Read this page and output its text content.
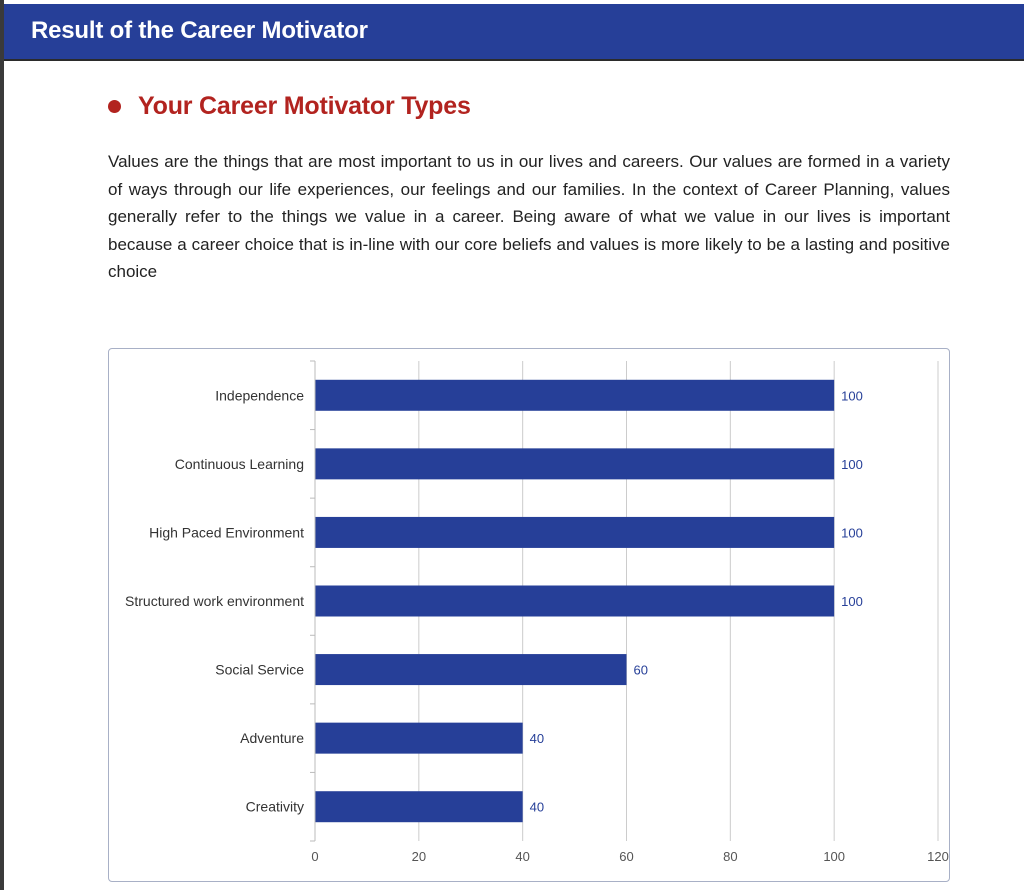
Result of the Career Motivator
Your Career Motivator Types

Values are the things that are most important to us in our lives and careers. Our values are formed in a variety of ways through our life experiences, our feelings and our families. In the context of Career Planning, values generally refer to the things we value in a career. Being aware of what we value in our lives is important because a career choice that is in-line with our core beliefs and values is more likely to be a lasting and positive choice

0	20	40	60	80	100	120
Independence	100
Continuous Learning	100
High Paced Environment	100
Structured work environment	100
Social Service	60
Adventure	40
Creativity	40
